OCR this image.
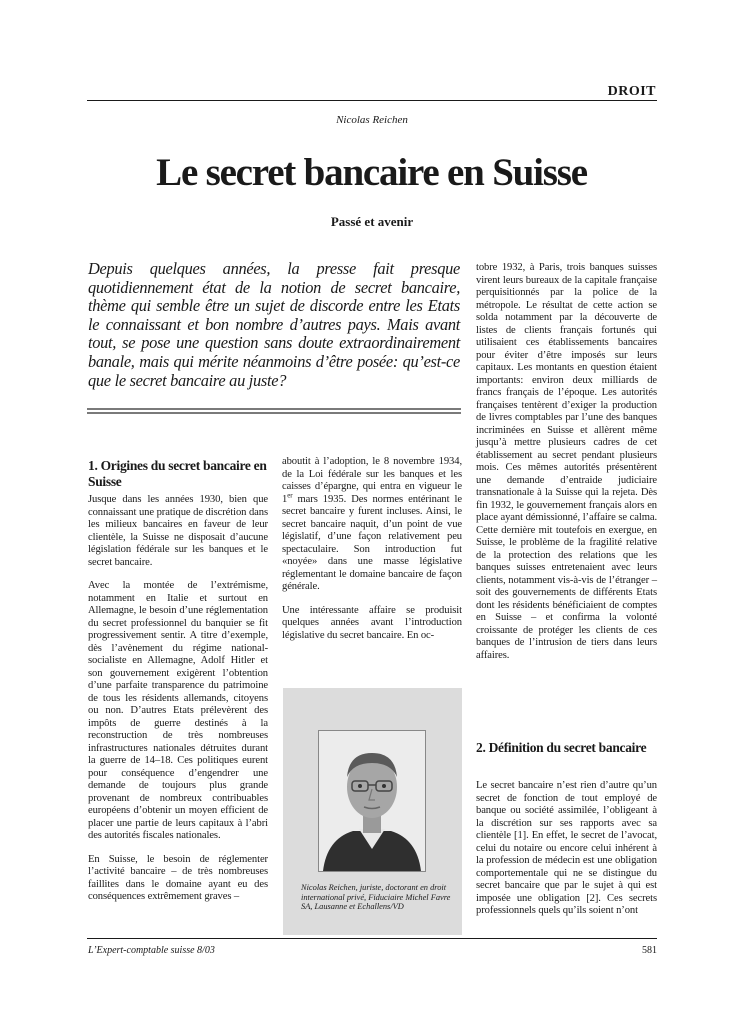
DROIT
Nicolas Reichen
Le secret bancaire en Suisse
Passé et avenir
Depuis quelques années, la presse fait presque quotidiennement état de la notion de secret bancaire, thème qui semble être un sujet de discorde entre les Etats le connaissant et bon nombre d’autres pays. Mais avant tout, se pose une question sans doute extraordinairement banale, mais qui mérite néanmoins d’être posée: qu’est-ce que le secret bancaire au juste?
1. Origines du secret bancaire en Suisse

Jusque dans les années 1930, bien que connaissant une pratique de discrétion dans les milieux bancaires en faveur de leur clientèle, la Suisse ne disposait d’aucune législation fédérale sur les banques et le secret bancaire.

Avec la montée de l’extrémisme, notamment en Italie et surtout en Allemagne, le besoin d’une réglementation du secret professionnel du banquier se fit progressivement sentir. A titre d’exemple, dès l’avènement du régime national-socialiste en Allemagne, Adolf Hitler et son gouvernement exigèrent l’obtention d’une parfaite transparence du patrimoine de tous les résidents allemands, citoyens ou non. D’autres Etats prélevèrent des impôts de guerre destinés à la reconstruction de très nombreuses infrastructures nationales détruites durant la guerre de 14–18. Ces politiques eurent pour conséquence d’engendrer une demande de toujours plus grande provenant de nombreux contribuables européens d’obtenir un moyen efficient de placer une partie de leurs capitaux à l’abri des autorités fiscales nationales.

En Suisse, le besoin de réglementer l’activité bancaire – de très nombreuses faillites dans le domaine ayant eu des conséquences extrêmement graves –

aboutit à l’adoption, le 8 novembre 1934, de la Loi fédérale sur les banques et les caisses d’épargne, qui entra en vigueur le 1er mars 1935. Des normes entérinant le secret bancaire y furent incluses. Ainsi, le secret bancaire naquit, d’un point de vue législatif, d’une façon relativement peu spectaculaire. Son introduction fut «noyée» dans une masse législative réglementant le domaine bancaire de façon générale.

Une intéressante affaire se produisit quelques années avant l’introduction législative du secret bancaire. En oc-

Nicolas Reichen, juriste, doctorant en droit international privé, Fiduciaire Michel Favre SA, Lausanne et Echallens/VD

tobre 1932, à Paris, trois banques suisses virent leurs bureaux de la capitale française perquisitionnés par la police de la métropole. Le résultat de cette action se solda notamment par la découverte de listes de clients français fortunés qui utilisaient ces établissements bancaires pour éviter d’être imposés sur leurs capitaux. Les montants en question étaient importants: environ deux milliards de francs français de l’époque. Les autorités françaises tentèrent d’exiger la production de livres comptables par l’une des banques incriminées en Suisse et allèrent même jusqu’à mettre plusieurs cadres de cet établissement au secret pendant plusieurs mois. Ces mêmes autorités présentèrent une demande d’entraide judiciaire transnationale à la Suisse qui la rejeta. Dès fin 1932, le gouvernement français alors en place ayant démissionné, l’affaire se calma. Cette dernière mit toutefois en exergue, en Suisse, le problème de la fragilité relative de la protection des relations que les banques suisses entretenaient avec leurs clients, notamment vis-à-vis de l’étranger – soit des gouvernements de différents Etats dont les résidents bénéficiaient de comptes en Suisse – et confirma la volonté croissante de protéger les clients de ces banques de l’intrusion de tiers dans leurs affaires.

2. Définition du secret bancaire

Le secret bancaire n’est rien d’autre qu’un secret de fonction de tout employé de banque ou société assimilée, l’obligeant à la discrétion sur ses rapports avec sa clientèle [1]. En effet, le secret de l’avocat, celui du notaire ou encore celui inhérent à la profession de médecin est une obligation comportementale qui ne se distingue du secret bancaire que par le sujet à qui est imposée une obligation [2]. Ces secrets professionnels quels qu’ils soient n’ont

L’Expert-comptable suisse 8/03	581
